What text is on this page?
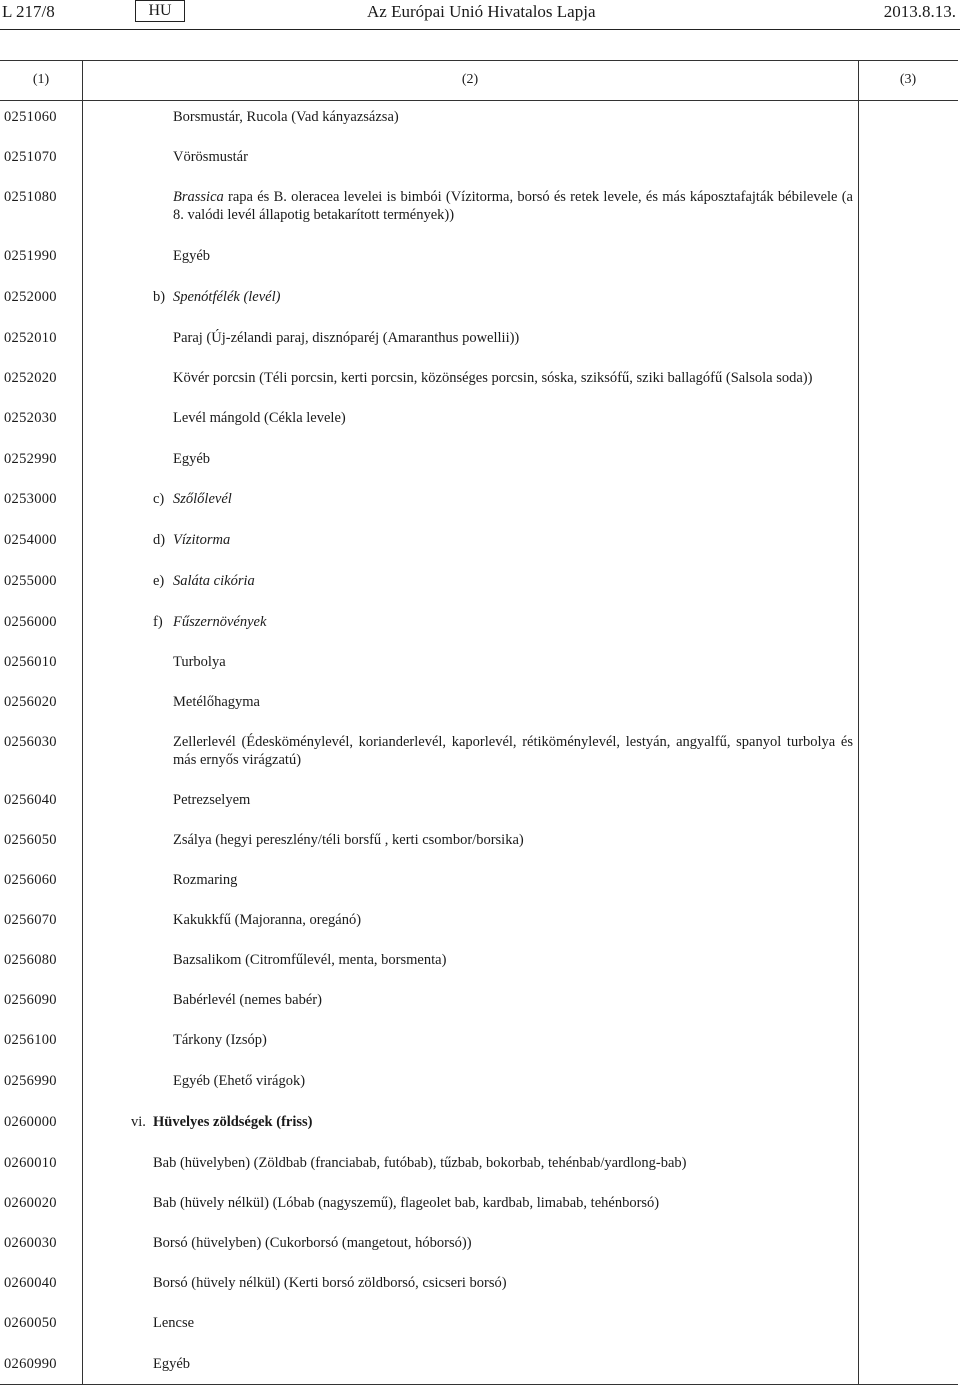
L 217/8	HU	Az Európai Unió Hivatalos Lapja	2013.8.13.
(1)	(2)	(3)
0251060	Borsmustár, Rucola (Vad kányazsázsa)
0251070	Vörösmustár
0251080	Brassica rapa és B. oleracea levelei is bimbói (Vízitorma, borsó és retek levele, és más káposztafajták bébilevele (a 8. valódi levél állapotig betakarított termények))
0251990	Egyéb
0252000	b) Spenótfélék (levél)
0252010	Paraj (Új-zélandi paraj, disznóparéj (Amaranthus powellii))
0252020	Kövér porcsin (Téli porcsin, kerti porcsin, közönséges porcsin, sóska, sziksófű, sziki ballagófű (Salsola soda))
0252030	Levél mángold (Cékla levele)
0252990	Egyéb
0253000	c) Szőlőlevél
0254000	d) Vízitorma
0255000	e) Saláta cikória
0256000	f) Fűszernövények
0256010	Turbolya
0256020	Metélőhagyma
0256030	Zellerlevél (Édesköménylevél, korianderlevél, kaporlevél, rétiköménylevél, lestyán, angyalfű, spanyol turbolya és más ernyős virágzatú)
0256040	Petrezselyem
0256050	Zsálya (hegyi pereszlény/téli borsfű , kerti csombor/borsika)
0256060	Rozmaring
0256070	Kakukkfű (Majoranna, oregánó)
0256080	Bazsalikom (Citromfűlevél, menta, borsmenta)
0256090	Babérlevél (nemes babér)
0256100	Tárkony (Izsóp)
0256990	Egyéb (Ehető virágok)
0260000	vi. Hüvelyes zöldségek (friss)
0260010	Bab (hüvelyben) (Zöldbab (franciabab, futóbab), tűzbab, bokorbab, tehénbab/yardlong-bab)
0260020	Bab (hüvely nélkül) (Lóbab (nagyszemű), flageolet bab, kardbab, limabab, tehénborsó)
0260030	Borsó (hüvelyben) (Cukorborsó (mangetout, hóborsó))
0260040	Borsó (hüvely nélkül) (Kerti borsó zöldborsó, csicseri borsó)
0260050	Lencse
0260990	Egyéb
